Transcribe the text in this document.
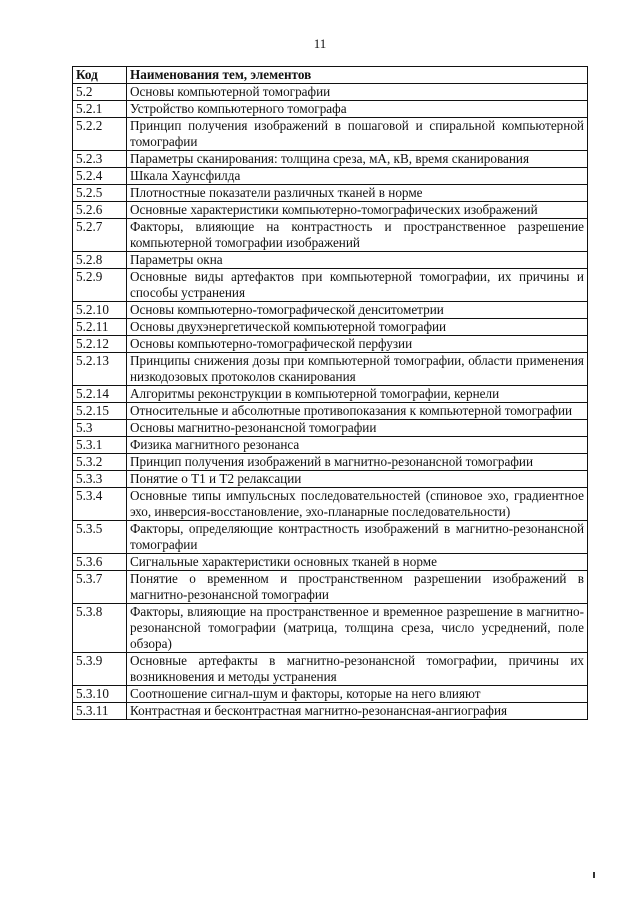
11
Код	Наименования тем, элементов
5.2	Основы компьютерной томографии
5.2.1	Устройство компьютерного томографа
5.2.2	Принцип получения изображений в пошаговой и спиральной компьютерной томографии
5.2.3	Параметры сканирования: толщина среза, мА, кВ, время сканирования
5.2.4	Шкала Хаунсфилда
5.2.5	Плотностные показатели различных тканей в норме
5.2.6	Основные характеристики компьютерно-томографических изображений
5.2.7	Факторы, влияющие на контрастность и пространственное разрешение компьютерной томографии изображений
5.2.8	Параметры окна
5.2.9	Основные виды артефактов при компьютерной томографии, их причины и способы устранения
5.2.10	Основы компьютерно-томографической денситометрии
5.2.11	Основы двухэнергетической компьютерной томографии
5.2.12	Основы компьютерно-томографической перфузии
5.2.13	Принципы снижения дозы при компьютерной томографии, области применения низкодозовых протоколов сканирования
5.2.14	Алгоритмы реконструкции в компьютерной томографии, кернели
5.2.15	Относительные и абсолютные противопоказания к компьютерной томографии
5.3	Основы магнитно-резонансной томографии
5.3.1	Физика магнитного резонанса
5.3.2	Принцип получения изображений в магнитно-резонансной томографии
5.3.3	Понятие о Т1 и Т2 релаксации
5.3.4	Основные типы импульсных последовательностей (спиновое эхо, градиентное эхо, инверсия-восстановление, эхо-планарные последовательности)
5.3.5	Факторы, определяющие контрастность изображений в магнитно-резонансной томографии
5.3.6	Сигнальные характеристики основных тканей в норме
5.3.7	Понятие о временном и пространственном разрешении изображений в магнитно-резонансной томографии
5.3.8	Факторы, влияющие на пространственное и временное разрешение в магнитно-резонансной томографии (матрица, толщина среза, число усреднений, поле обзора)
5.3.9	Основные артефакты в магнитно-резонансной томографии, причины их возникновения и методы устранения
5.3.10	Соотношение сигнал-шум и факторы, которые на него влияют
5.3.11	Контрастная и бесконтрастная магнитно-резонансная-ангиография
